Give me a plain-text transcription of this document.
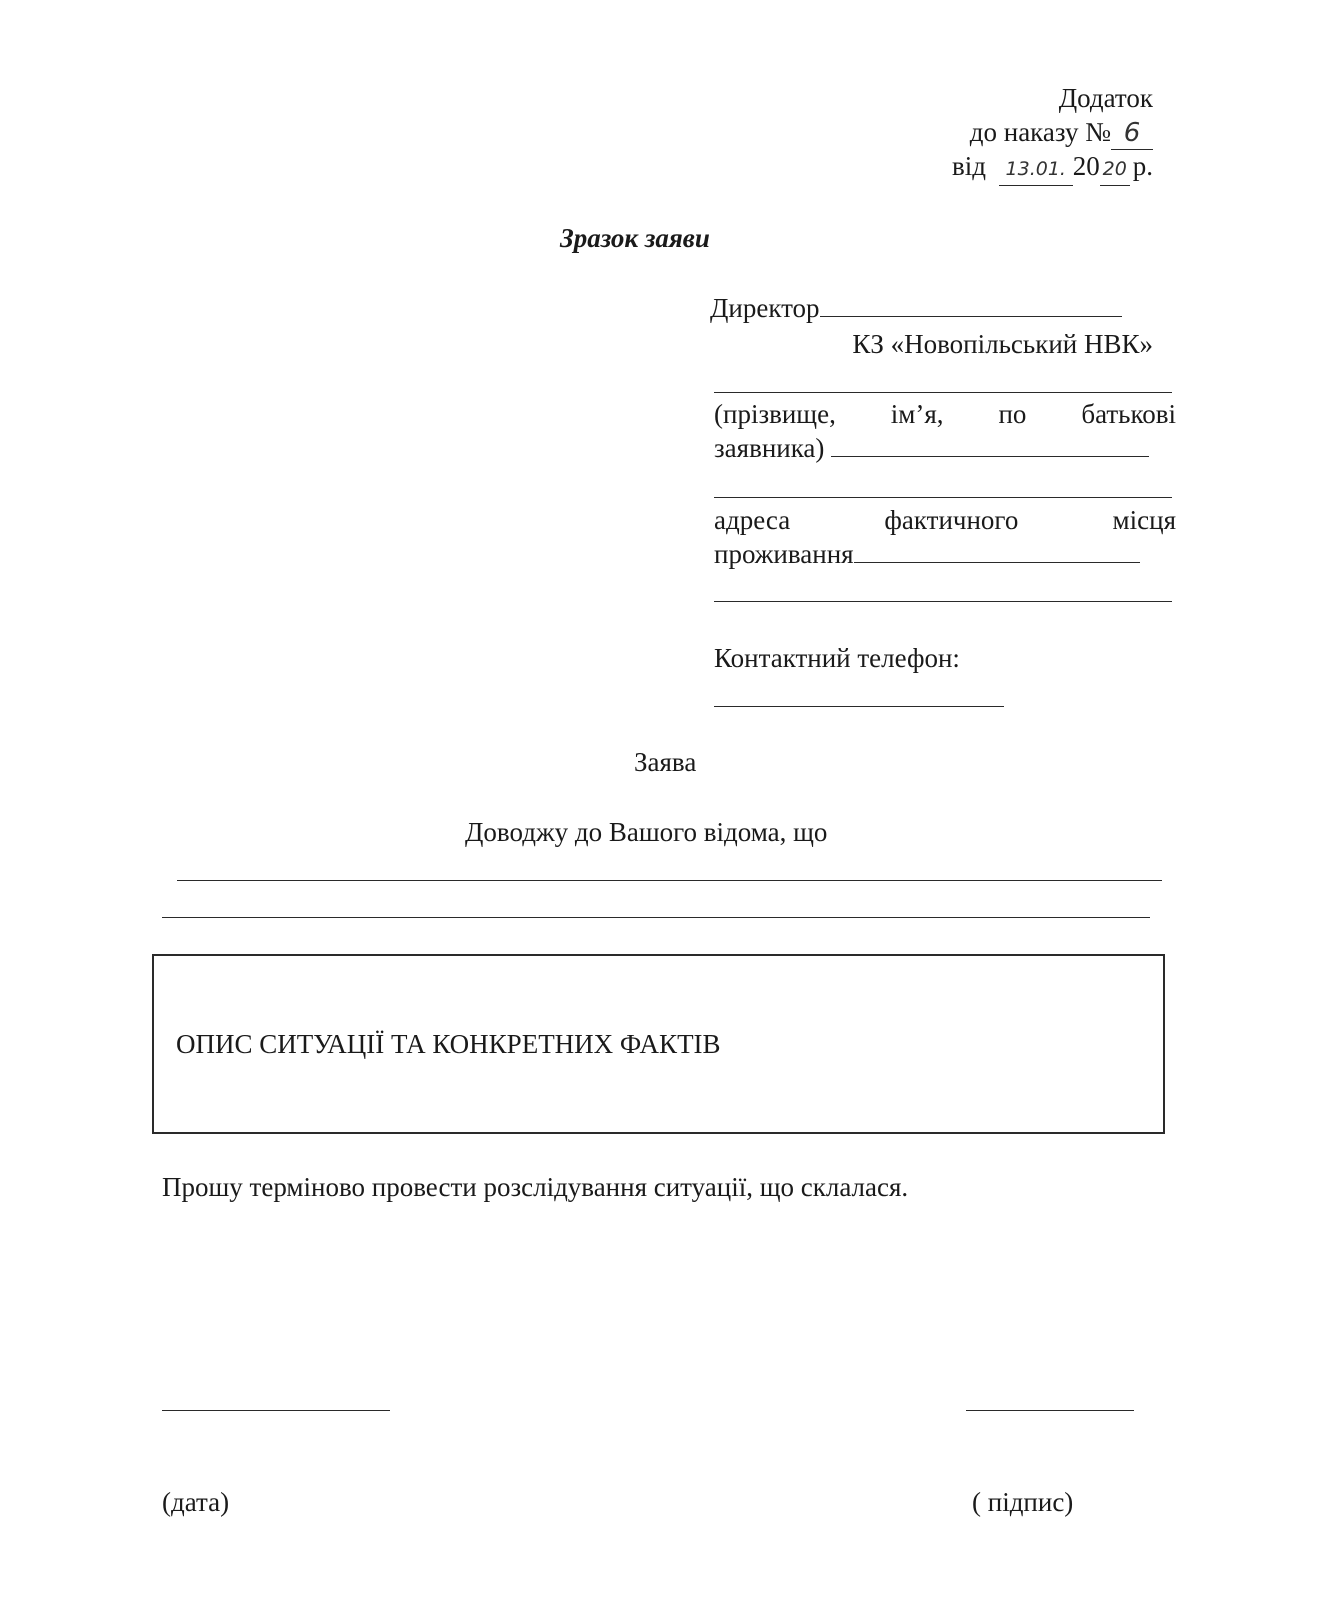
Додаток
до наказу № 6
від 13.01. 20 20 р.
Зразок заяви
Директор
КЗ «Новопільський НВК»
(прізвище, ім’я, по батькові
заявника)
адреса	фактичного	місця
проживання
Контактний телефон:
Заява
Доводжу до Вашого відома, що
ОПИС СИТУАЦІЇ ТА КОНКРЕТНИХ ФАКТІВ
Прошу терміново провести розслідування ситуації, що склалася.
(дата)	( підпис)
